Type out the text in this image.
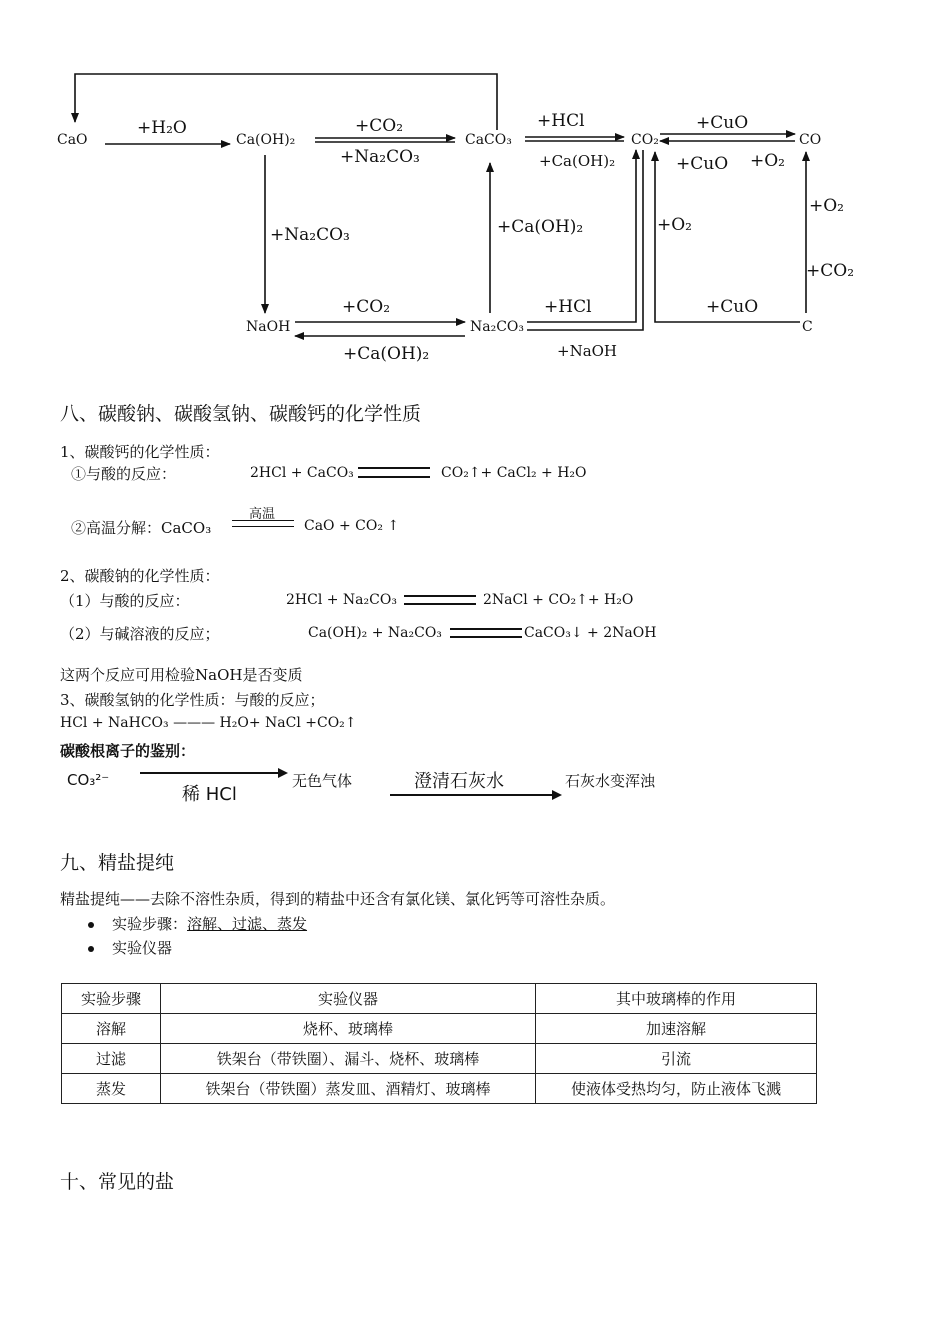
CaO	Ca(OH)₂	CaCO₃	CO₂	CO
NaOH	Na₂CO₃	C
+H₂O	+CO₂
+Na₂CO₃
+HCl
+Ca(OH)₂
+CuO
+CuO +O₂
+Na₂CO₃	+Ca(OH)₂
+CO₂
+Ca(OH)₂
+HCl
+NaOH
+O₂
+O₂
+CO₂
+CuO
八、碳酸钠、碳酸氢钠、碳酸钙的化学性质
1、碳酸钙的化学性质：
①与酸的反应：	2HCl + CaCO₃	CO₂↑+ CaCl₂ + H₂O
②高温分解：CaCO₃
高温
CaO + CO₂ ↑
2、碳酸钠的化学性质：
（1）与酸的反应：	2HCl + Na₂CO₃	2NaCl + CO₂↑+ H₂O
（2）与碱溶液的反应；	Ca(OH)₂ + Na₂CO₃	CaCO₃↓ + 2NaOH
这两个反应可用检验NaOH是否变质
3、碳酸氢钠的化学性质：与酸的反应；
HCl + NaHCO₃ ——— H₂O+ NaCl +CO₂↑
碳酸根离子的鉴别：
CO₃²⁻
稀 HCl
无色气体	澄清石灰水	石灰水变浑浊
九、精盐提纯
精盐提纯——去除不溶性杂质，得到的精盐中还含有氯化镁、氯化钙等可溶性杂质。
实验步骤：溶解、过滤、蒸发
实验仪器
实验步骤	实验仪器	其中玻璃棒的作用
溶解	烧杯、玻璃棒	加速溶解
过滤	铁架台（带铁圈）、漏斗、烧杯、玻璃棒	引流
蒸发	铁架台（带铁圈）蒸发皿、酒精灯、玻璃棒	使液体受热均匀，防止液体飞溅
十、常见的盐
